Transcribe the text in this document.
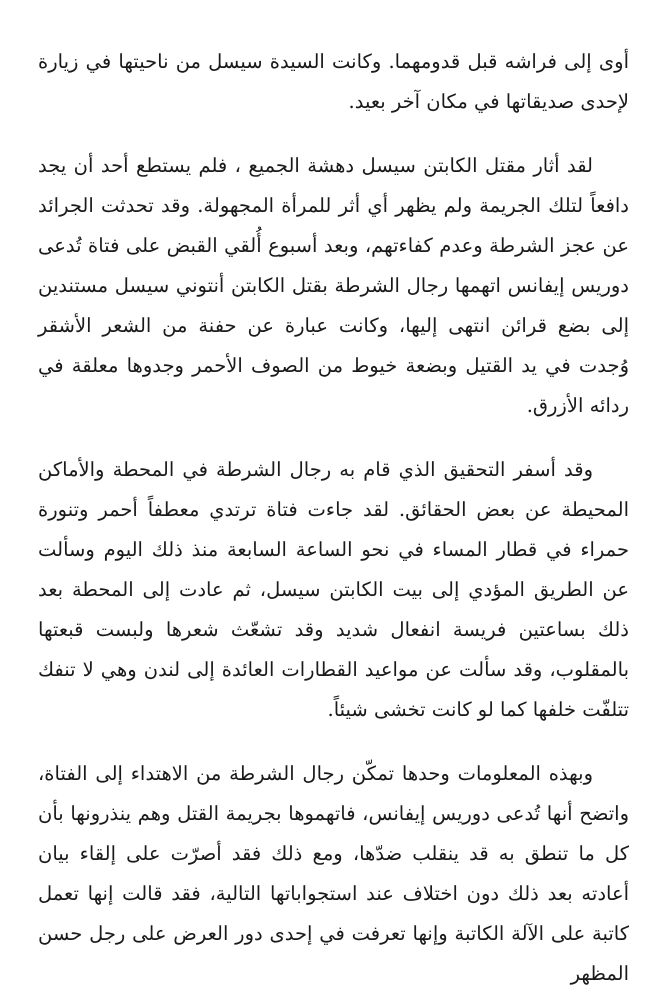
أوى إلى فراشه قبل قدومهما. وكانت السيدة سيسل من ناحيتها في زيارة لإحدى صديقاتها في مكان آخر بعيد.

لقد أثار مقتل الكابتن سيسل دهشة الجميع ، فلم يستطع أحد أن يجد دافعاً لتلك الجريمة ولم يظهر أي أثر للمرأة المجهولة. وقد تحدثت الجرائد عن عجز الشرطة وعدم كفاءتهم، وبعد أسبوع أُلقي القبض على فتاة تُدعى دوريس إيفانس اتهمها رجال الشرطة بقتل الكابتن أنتوني سيسل مستندين إلى بضع قرائن انتهى إليها، وكانت عبارة عن حفنة من الشعر الأشقر وُجدت في يد القتيل وبضعة خيوط من الصوف الأحمر وجدوها معلقة في ردائه الأزرق.

وقد أسفر التحقيق الذي قام به رجال الشرطة في المحطة والأماكن المحيطة عن بعض الحقائق. لقد جاءت فتاة ترتدي معطفاً أحمر وتنورة حمراء في قطار المساء في نحو الساعة السابعة منذ ذلك اليوم وسألت عن الطريق المؤدي إلى بيت الكابتن سيسل، ثم عادت إلى المحطة بعد ذلك بساعتين فريسة انفعال شديد وقد تشعّث شعرها ولبست قبعتها بالمقلوب، وقد سألت عن مواعيد القطارات العائدة إلى لندن وهي لا تنفك تتلفّت خلفها كما لو كانت تخشى شيئاً.

وبهذه المعلومات وحدها تمكّن رجال الشرطة من الاهتداء إلى الفتاة، واتضح أنها تُدعى دوريس إيفانس، فاتهموها بجريمة القتل وهم ينذرونها بأن كل ما تنطق به قد ينقلب ضدّها، ومع ذلك فقد أصرّت على إلقاء بيان أعادته بعد ذلك دون اختلاف عند استجواباتها التالية، فقد قالت إنها تعمل كاتبة على الآلة الكاتبة وإنها تعرفت في إحدى دور العرض على رجل حسن المظهر
